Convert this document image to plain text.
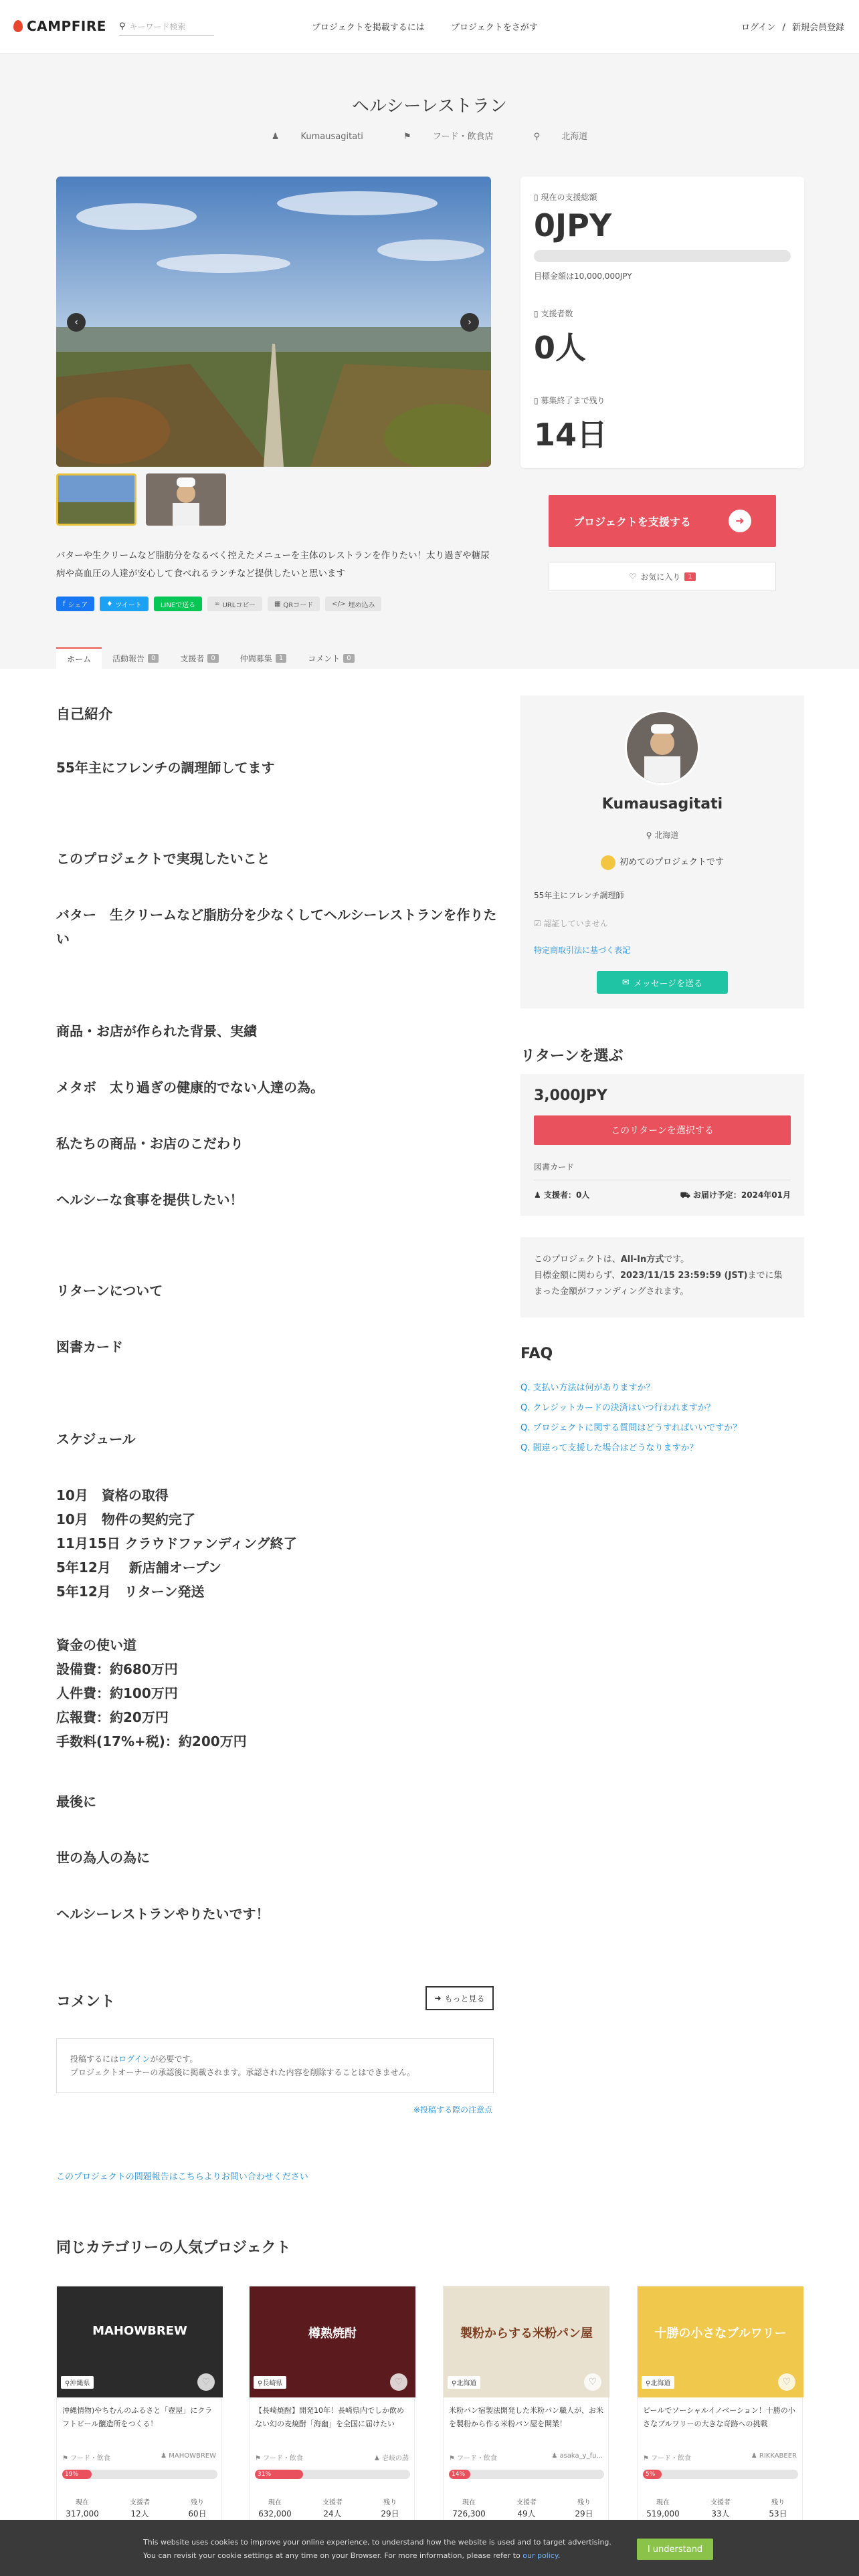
CAMPFIRE ⚲ キーワード検索	プロジェクトを掲載するには	プロジェクトをさがす	ログイン / 新規会員登録
ヘルシーレストラン
♟ Kumausagitati	⚑ フード・飲食店	⚲ 北海道
‹	›

バターや生クリームなど脂肪分をなるべく控えたメニューを主体のレストランを作りたい！太り過ぎや糖尿病や高血圧の人達が安心して食べれるランチなど提供したいと思います

f シェア	♦ ツイート	LINEで送る	∞ URLコピー	▦ QRコード	</> 埋め込み
ホーム	活動報告	0	支援者	0	仲間募集	1	コメント	0
▯ 現在の支援総額
0JPY
目標金額は10,000,000JPY
▯ 支援者数
0人
▯ 募集終了まで残り
14日
プロジェクトを支援する	➜
♡ お気に入り	1
自己紹介

55年主にフレンチの調理師してます

このプロジェクトで実現したいこと

バター　生クリームなど脂肪分を少なくしてヘルシーレストランを作りたい

商品・お店が作られた背景、実績

メタボ　太り過ぎの健康的でない人達の為。

私たちの商品・お店のこだわり

ヘルシーな食事を提供したい！

リターンについて

図書カード

スケジュール

10月　資格の取得

10月　物件の契約完了

11月15日 クラウドファンディング終了

5年12月　 新店舗オープン

5年12月　リターン発送

資金の使い道

設備費：約680万円

人件費：約100万円

広報費：約20万円

手数料(17%+税)：約200万円

最後に

世の為人の為に

ヘルシーレストランやりたいです！

Kumausagitati
⚲ 北海道
初めてのプロジェクトです
55年主にフレンチ調理師
☑ 認証していません
特定商取引法に基づく表記
✉ メッセージを送る
リターンを選ぶ
3,000JPY
このリターンを選択する
図書カード
♟ 支援者：0人	⛟ お届け予定：2024年01月
このプロジェクトは、All-In方式です。
目標金額に関わらず、2023/11/15 23:59:59 (JST)までに集まった金額がファンディングされます。
FAQ
Q. 支払い方法は何がありますか？
Q. クレジットカードの決済はいつ行われますか？
Q. プロジェクトに関する質問はどうすればいいですか？
Q. 間違って支援した場合はどうなりますか？
コメント	➜ もっと見る
投稿するにはログインが必要です。
プロジェクトオーナーの承認後に掲載されます。承認された内容を削除することはできません。
※投稿する際の注意点
このプロジェクトの問題報告はこちらよりお問い合わせください
同じカテゴリーの人気プロジェクト
MAHOWBREW
⚲沖縄県	♡
沖縄情物)やちむんのふるさと「壺屋」にクラフトビール醸造所をつくる！
⚑ フード・飲食	♟ MAHOWBREW
19%
現在
317,000
支援者
12人
残り
60日
樽熟焼酎
⚲長崎県	♡
【長崎焼酎】開発10年！長崎県内でしか飲めない幻の麦焼酎「海幽」を全国に届けたい
⚑ フード・飲食	♟ 壱岐の蒸
31%
現在
632,000
支援者
24人
残り
29日
製粉からする米粉パン屋
⚲北海道	♡
米粉パン宿製法開発した米粉パン職人が、お米を製粉から作る米粉パン屋を開業！
⚑ フード・飲食	♟ asaka_y_fu...
14%
現在
726,300
支援者
49人
残り
29日
十勝の小さなブルワリー
⚲北海道	♡
ビールでソーシャルイノベーション！十勝の小さなブルワリーの大きな奇跡への挑戦
⚑ フード・飲食	♟ RIKKABEER
5%
現在
519,000
支援者
33人
残り
53日
This website uses cookies to improve your online experience, to understand how the website is used and to target advertising.
You can revisit your cookie settings at any time on your Browser. For more information, please refer to our policy.
I understand
